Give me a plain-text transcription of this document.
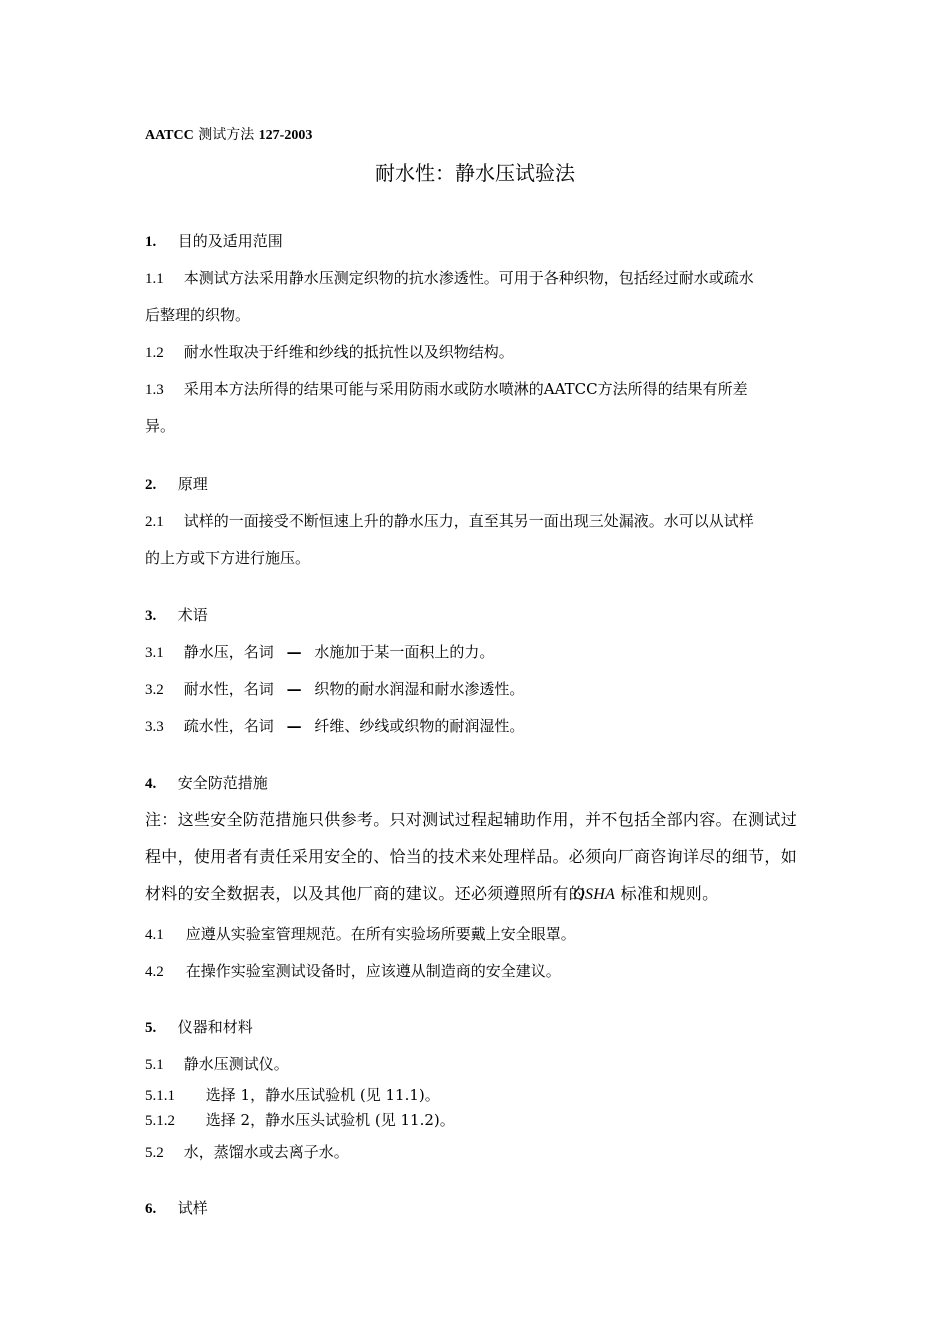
AATCC 测试方法 127-2003
耐水性：静水压试验法
1. 目的及适用范围
1.1 本测试方法采用静水压测定织物的抗水渗透性。可用于各种织物，包括经过耐水或疏水
后整理的织物。
1.2 耐水性取决于纤维和纱线的抵抗性以及织物结构。
1.3 采用本方法所得的结果可能与采用防雨水或防水喷淋的AATCC方法所得的结果有所差
异。
2. 原理
2.1 试样的一面接受不断恒速上升的静水压力，直至其另一面出现三处漏液。水可以从试样
的上方或下方进行施压。
3. 术语
3.1 静水压，名词 — 水施加于某一面积上的力。
3.2 耐水性，名词 — 织物的耐水润湿和耐水渗透性。
3.3 疏水性，名词 — 纤维、纱线或织物的耐润湿性。
4. 安全防范措施
注：这些安全防范措施只供参考。只对测试过程起辅助作用，并不包括全部内容。在测试过
程中，使用者有责任采用安全的、恰当的技术来处理样品。必须向厂商咨询详尽的细节，如
材料的安全数据表，以及其他厂商的建议。还必须遵照所有的OSHA 标准和规则。
4.1 应遵从实验室管理规范。在所有实验场所要戴上安全眼罩。
4.2 在操作实验室测试设备时，应该遵从制造商的安全建议。
5. 仪器和材料
5.1 静水压测试仪。
5.1.1 选择 1，静水压试验机 (见 11.1)。
5.1.2 选择 2，静水压头试验机 (见 11.2)。
5.2 水，蒸馏水或去离子水。
6. 试样
